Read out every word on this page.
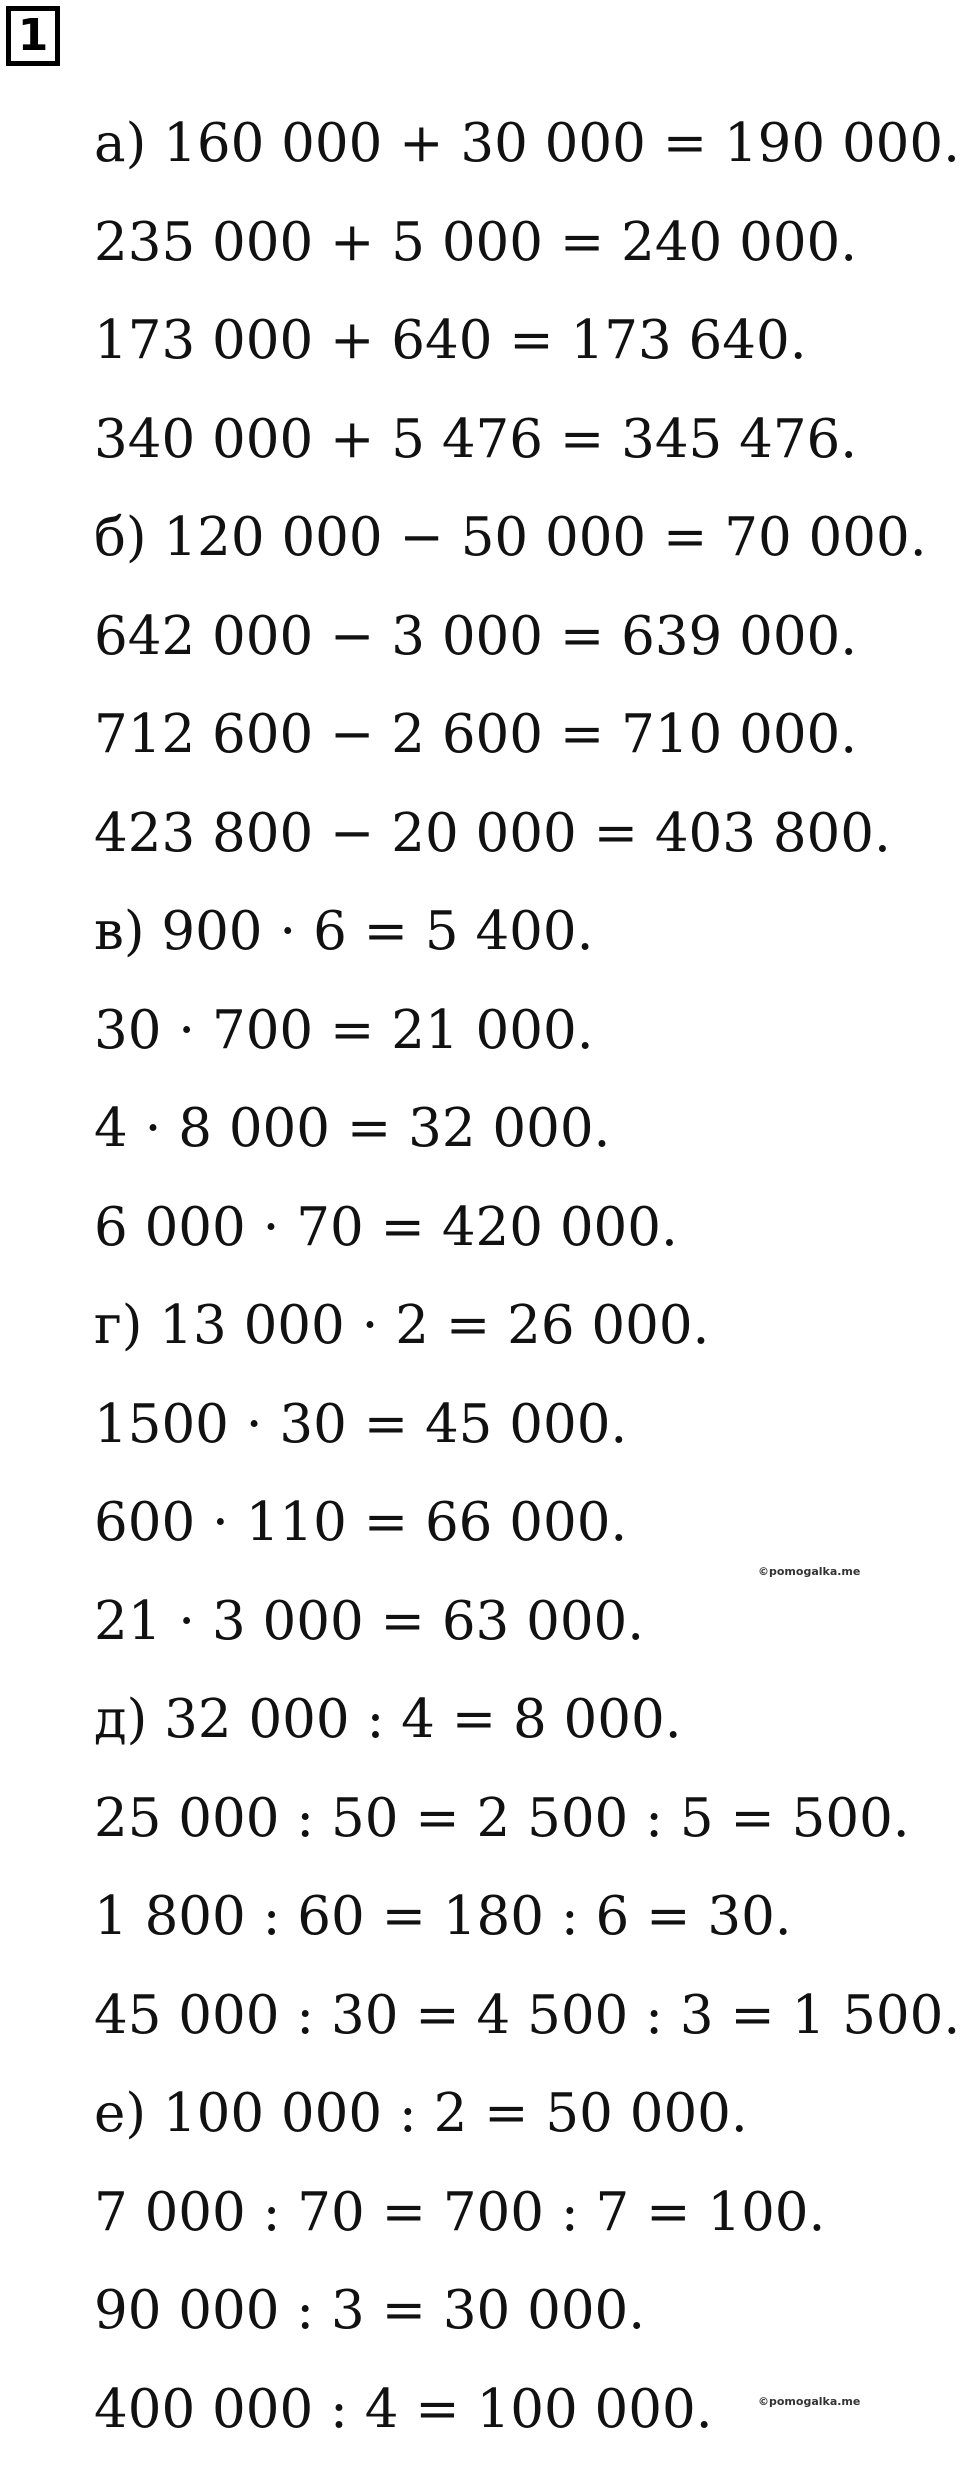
1
а) 160 000 + 30 000 = 190 000.
235 000 + 5 000 = 240 000.
173 000 + 640 = 173 640.
340 000 + 5 476 = 345 476.
б) 120 000 − 50 000 = 70 000.
642 000 − 3 000 = 639 000.
712 600 − 2 600 = 710 000.
423 800 − 20 000 = 403 800.
в) 900 · 6 = 5 400.
30 · 700 = 21 000.
4 · 8 000 = 32 000.
6 000 · 70 = 420 000.
г) 13 000 · 2 = 26 000.
1500 · 30 = 45 000.
600 · 110 = 66 000.
21 · 3 000 = 63 000.
д) 32 000 : 4 = 8 000.
25 000 : 50 = 2 500 : 5 = 500.
1 800 : 60 = 180 : 6 = 30.
45 000 : 30 = 4 500 : 3 = 1 500.
е) 100 000 : 2 = 50 000.
7 000 : 70 = 700 : 7 = 100.
90 000 : 3 = 30 000.
400 000 : 4 = 100 000.
©pomogalka.me
©pomogalka.me
